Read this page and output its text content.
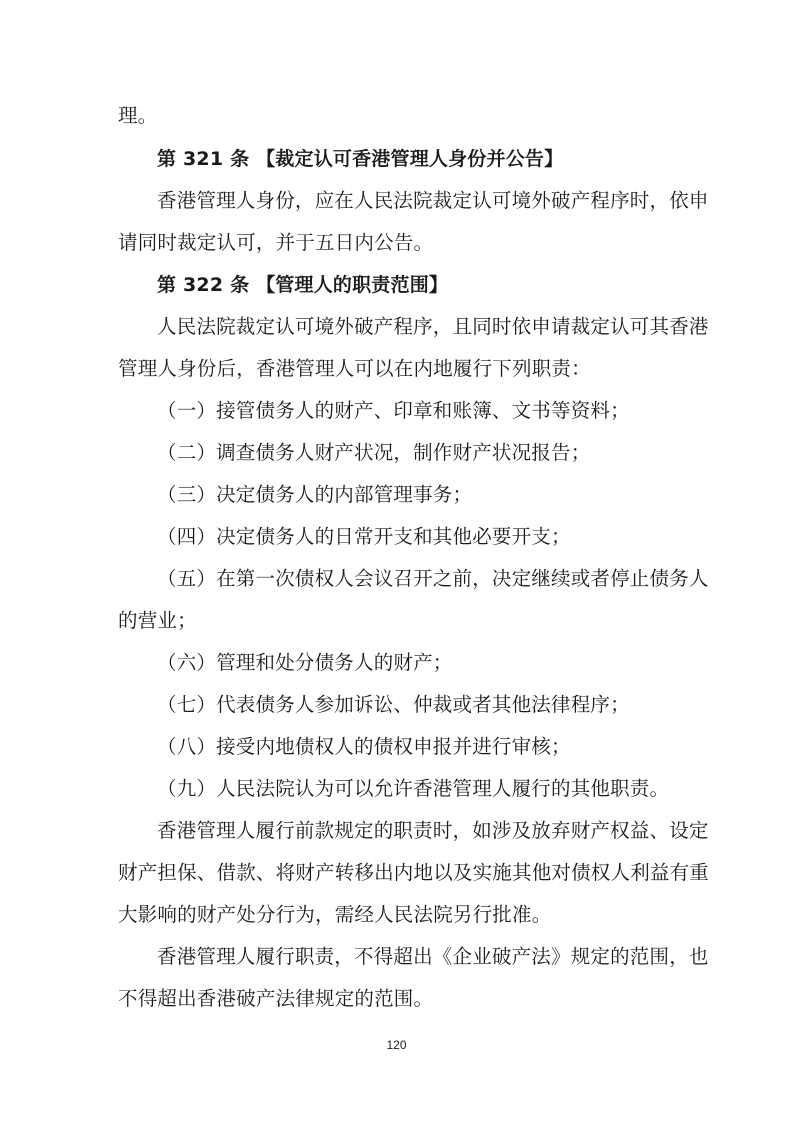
理。
第 321 条 【裁定认可香港管理人身份并公告】
香港管理人身份，应在人民法院裁定认可境外破产程序时，依申
请同时裁定认可，并于五日内公告。
第 322 条 【管理人的职责范围】
人民法院裁定认可境外破产程序，且同时依申请裁定认可其香港
管理人身份后，香港管理人可以在内地履行下列职责：
（一）接管债务人的财产、印章和账簿、文书等资料；
（二）调查债务人财产状况，制作财产状况报告；
（三）决定债务人的内部管理事务；
（四）决定债务人的日常开支和其他必要开支；
（五）在第一次债权人会议召开之前，决定继续或者停止债务人
的营业；
（六）管理和处分债务人的财产；
（七）代表债务人参加诉讼、仲裁或者其他法律程序；
（八）接受内地债权人的债权申报并进行审核；
（九）人民法院认为可以允许香港管理人履行的其他职责。
香港管理人履行前款规定的职责时，如涉及放弃财产权益、设定
财产担保、借款、将财产转移出内地以及实施其他对债权人利益有重
大影响的财产处分行为，需经人民法院另行批准。
香港管理人履行职责，不得超出《企业破产法》规定的范围，也
不得超出香港破产法律规定的范围。
120
